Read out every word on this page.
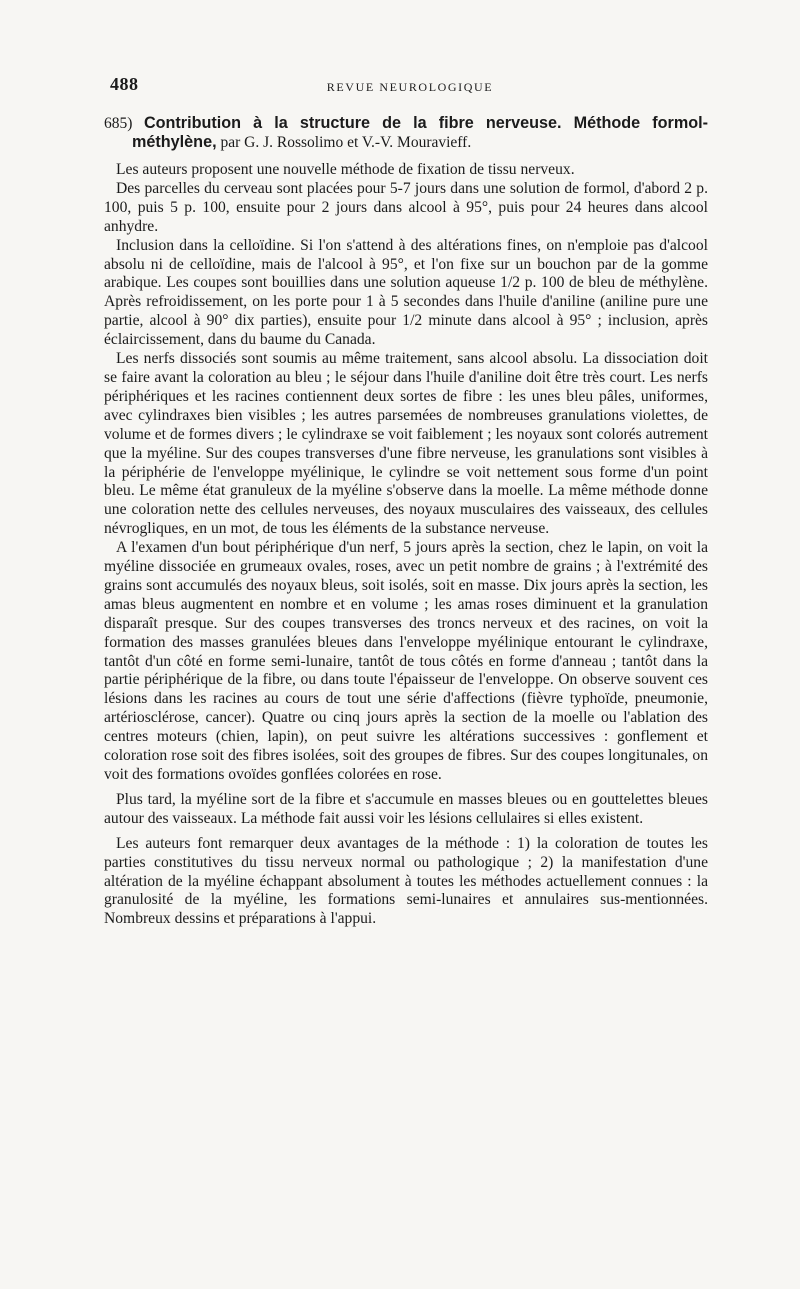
488	REVUE NEUROLOGIQUE

685) Contribution à la structure de la fibre nerveuse. Méthode formol-méthylène, par G. J. Rossolimo et V.-V. Mouravieff.

Les auteurs proposent une nouvelle méthode de fixation de tissu nerveux.

Des parcelles du cerveau sont placées pour 5-7 jours dans une solution de formol, d'abord 2 p. 100, puis 5 p. 100, ensuite pour 2 jours dans alcool à 95°, puis pour 24 heures dans alcool anhydre.

Inclusion dans la celloïdine. Si l'on s'attend à des altérations fines, on n'emploie pas d'alcool absolu ni de celloïdine, mais de l'alcool à 95°, et l'on fixe sur un bouchon par de la gomme arabique. Les coupes sont bouillies dans une solution aqueuse 1/2 p. 100 de bleu de méthylène. Après refroidissement, on les porte pour 1 à 5 secondes dans l'huile d'aniline (aniline pure une partie, alcool à 90° dix parties), ensuite pour 1/2 minute dans alcool à 95° ; inclusion, après éclaircissement, dans du baume du Canada.

Les nerfs dissociés sont soumis au même traitement, sans alcool absolu. La dissociation doit se faire avant la coloration au bleu ; le séjour dans l'huile d'aniline doit être très court. Les nerfs périphériques et les racines contiennent deux sortes de fibre : les unes bleu pâles, uniformes, avec cylindraxes bien visibles ; les autres parsemées de nombreuses granulations violettes, de volume et de formes divers ; le cylindraxe se voit faiblement ; les noyaux sont colorés autrement que la myéline. Sur des coupes transverses d'une fibre nerveuse, les granulations sont visibles à la périphérie de l'enveloppe myélinique, le cylindre se voit nettement sous forme d'un point bleu. Le même état granuleux de la myéline s'observe dans la moelle. La même méthode donne une coloration nette des cellules nerveuses, des noyaux musculaires des vaisseaux, des cellules névrogliques, en un mot, de tous les éléments de la substance nerveuse.

A l'examen d'un bout périphérique d'un nerf, 5 jours après la section, chez le lapin, on voit la myéline dissociée en grumeaux ovales, roses, avec un petit nombre de grains ; à l'extrémité des grains sont accumulés des noyaux bleus, soit isolés, soit en masse. Dix jours après la section, les amas bleus augmentent en nombre et en volume ; les amas roses diminuent et la granulation disparaît presque. Sur des coupes transverses des troncs nerveux et des racines, on voit la formation des masses granulées bleues dans l'enveloppe myélinique entourant le cylindraxe, tantôt d'un côté en forme semi-lunaire, tantôt de tous côtés en forme d'anneau ; tantôt dans la partie périphérique de la fibre, ou dans toute l'épaisseur de l'enveloppe. On observe souvent ces lésions dans les racines au cours de tout une série d'affections (fièvre typhoïde, pneumonie, artériosclérose, cancer). Quatre ou cinq jours après la section de la moelle ou l'ablation des centres moteurs (chien, lapin), on peut suivre les altérations successives : gonflement et coloration rose soit des fibres isolées, soit des groupes de fibres. Sur des coupes longitunales, on voit des formations ovoïdes gonflées colorées en rose.

Plus tard, la myéline sort de la fibre et s'accumule en masses bleues ou en gouttelettes bleues autour des vaisseaux. La méthode fait aussi voir les lésions cellulaires si elles existent.

Les auteurs font remarquer deux avantages de la méthode : 1) la coloration de toutes les parties constitutives du tissu nerveux normal ou pathologique ; 2) la manifestation d'une altération de la myéline échappant absolument à toutes les méthodes actuellement connues : la granulosité de la myéline, les formations semi-lunaires et annulaires sus-mentionnées. Nombreux dessins et préparations à l'appui.
